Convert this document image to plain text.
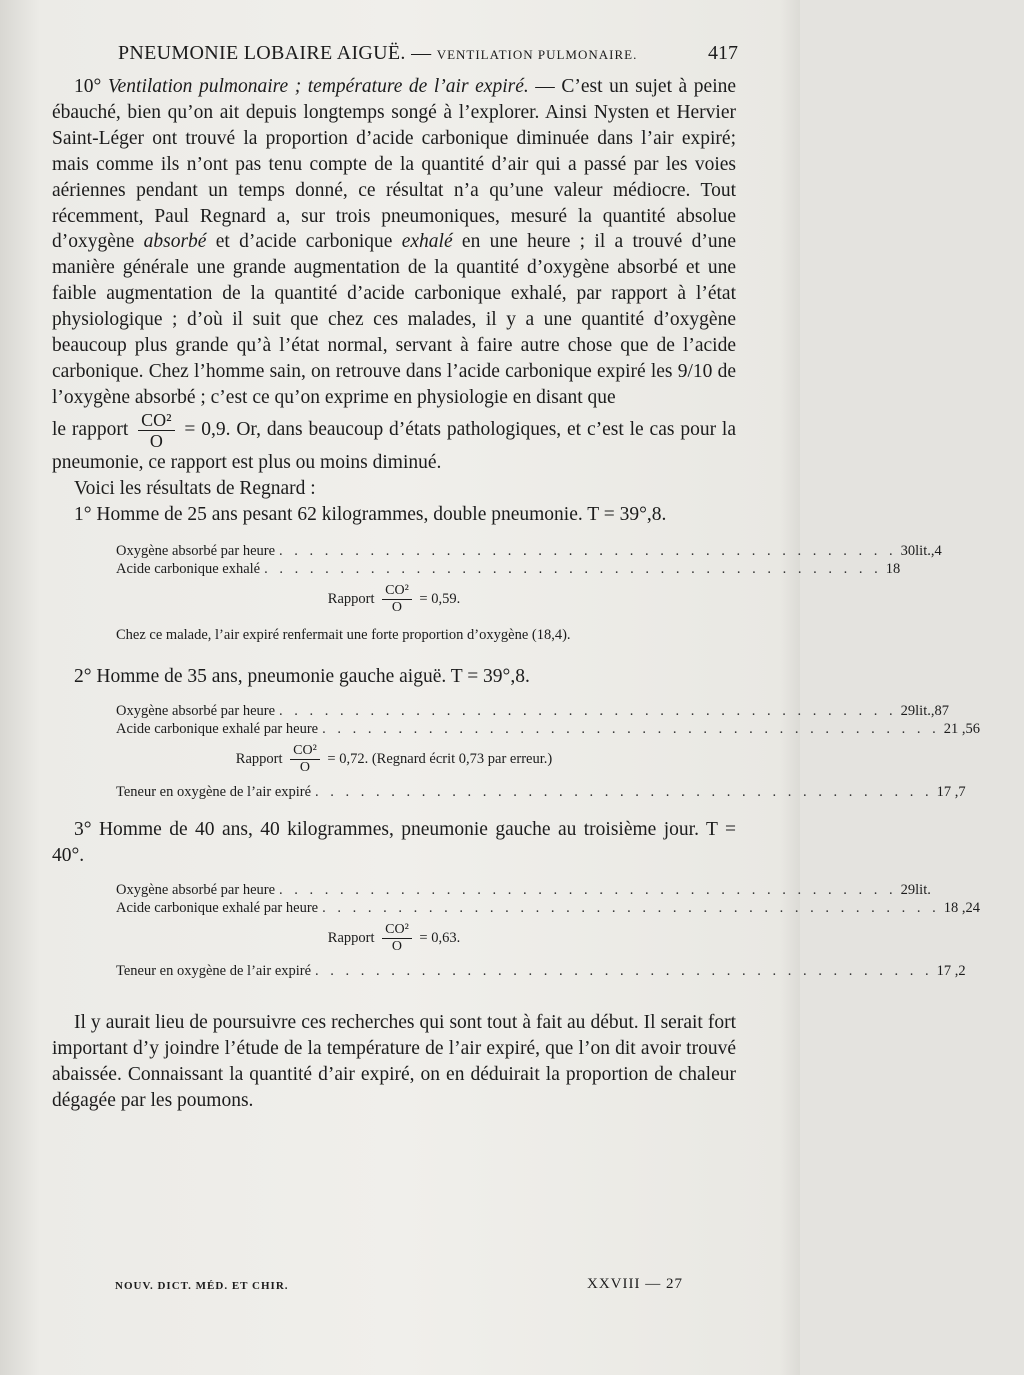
PNEUMONIE LOBAIRE AIGUË. — VENTILATION PULMONAIRE.	417

10° Ventilation pulmonaire ; température de l’air expiré. — C’est un sujet à peine ébauché, bien qu’on ait depuis longtemps songé à l’explorer. Ainsi Nysten et Hervier Saint-Léger ont trouvé la proportion d’acide carbonique diminuée dans l’air expiré; mais comme ils n’ont pas tenu compte de la quantité d’air qui a passé par les voies aériennes pendant un temps donné, ce résultat n’a qu’une valeur médiocre. Tout récemment, Paul Regnard a, sur trois pneumoniques, mesuré la quantité absolue d’oxygène absorbé et d’acide carbonique exhalé en une heure ; il a trouvé d’une manière générale une grande augmentation de la quantité d’oxygène absorbé et une faible augmentation de la quantité d’acide carbonique exhalé, par rapport à l’état physiologique ; d’où il suit que chez ces malades, il y a une quantité d’oxygène beaucoup plus grande qu’à l’état normal, servant à faire autre chose que de l’acide carbonique. Chez l’homme sain, on retrouve dans l’acide carbonique expiré les 9/10 de l’oxygène absorbé ; c’est ce qu’on exprime en physiologie en disant que

le rapport $\frac{\text{CO²}}{O} = 0,9$. Or, dans beaucoup d’états pathologiques, et c’est le cas pour la pneumonie, ce rapport est plus ou moins diminué.

Voici les résultats de Regnard :

1° Homme de 25 ans pesant 62 kilogrammes, double pneumonie. T = 39°,8.

Oxygène absorbé par heure . . . . . . . . . . . . . . . . . . . . . . . . . . . . . . . . . . . . . . . . . 30lit.,4
Acide carbonique exhalé . . . . . . . . . . . . . . . . . . . . . . . . . . . . . . . . . . . . . . . . . 18
Rapport $\frac{\text{CO²}}{O} = 0,59$.
Chez ce malade, l’air expiré renfermait une forte proportion d’oxygène (18,4).

2° Homme de 35 ans, pneumonie gauche aiguë. T = 39°,8.

Oxygène absorbé par heure . . . . . . . . . . . . . . . . . . . . . . . . . . . . . . . . . . . . . . . . . 29lit.,87
Acide carbonique exhalé par heure . . . . . . . . . . . . . . . . . . . . . . . . . . . . . . . . . . . . . . . . . 21 ,56
Rapport $\frac{\text{CO²}}{O} = 0,72$. (Regnard écrit 0,73 par erreur.)
Teneur en oxygène de l’air expiré . . . . . . . . . . . . . . . . . . . . . . . . . . . . . . . . . . . . . . . . . 17 ,7

3° Homme de 40 ans, 40 kilogrammes, pneumonie gauche au troisième jour. T = 40°.

Oxygène absorbé par heure . . . . . . . . . . . . . . . . . . . . . . . . . . . . . . . . . . . . . . . . . 29lit.
Acide carbonique exhalé par heure . . . . . . . . . . . . . . . . . . . . . . . . . . . . . . . . . . . . . . . . . 18 ,24
Rapport $\frac{\text{CO²}}{O} = 0,63$.
Teneur en oxygène de l’air expiré . . . . . . . . . . . . . . . . . . . . . . . . . . . . . . . . . . . . . . . . . 17 ,2

Il y aurait lieu de poursuivre ces recherches qui sont tout à fait au début. Il serait fort important d’y joindre l’étude de la température de l’air expiré, que l’on dit avoir trouvé abaissée. Connaissant la quantité d’air expiré, on en déduirait la proportion de chaleur dégagée par les poumons.

NOUV. DICT. MÉD. ET CHIR.	XXVIII — 27
